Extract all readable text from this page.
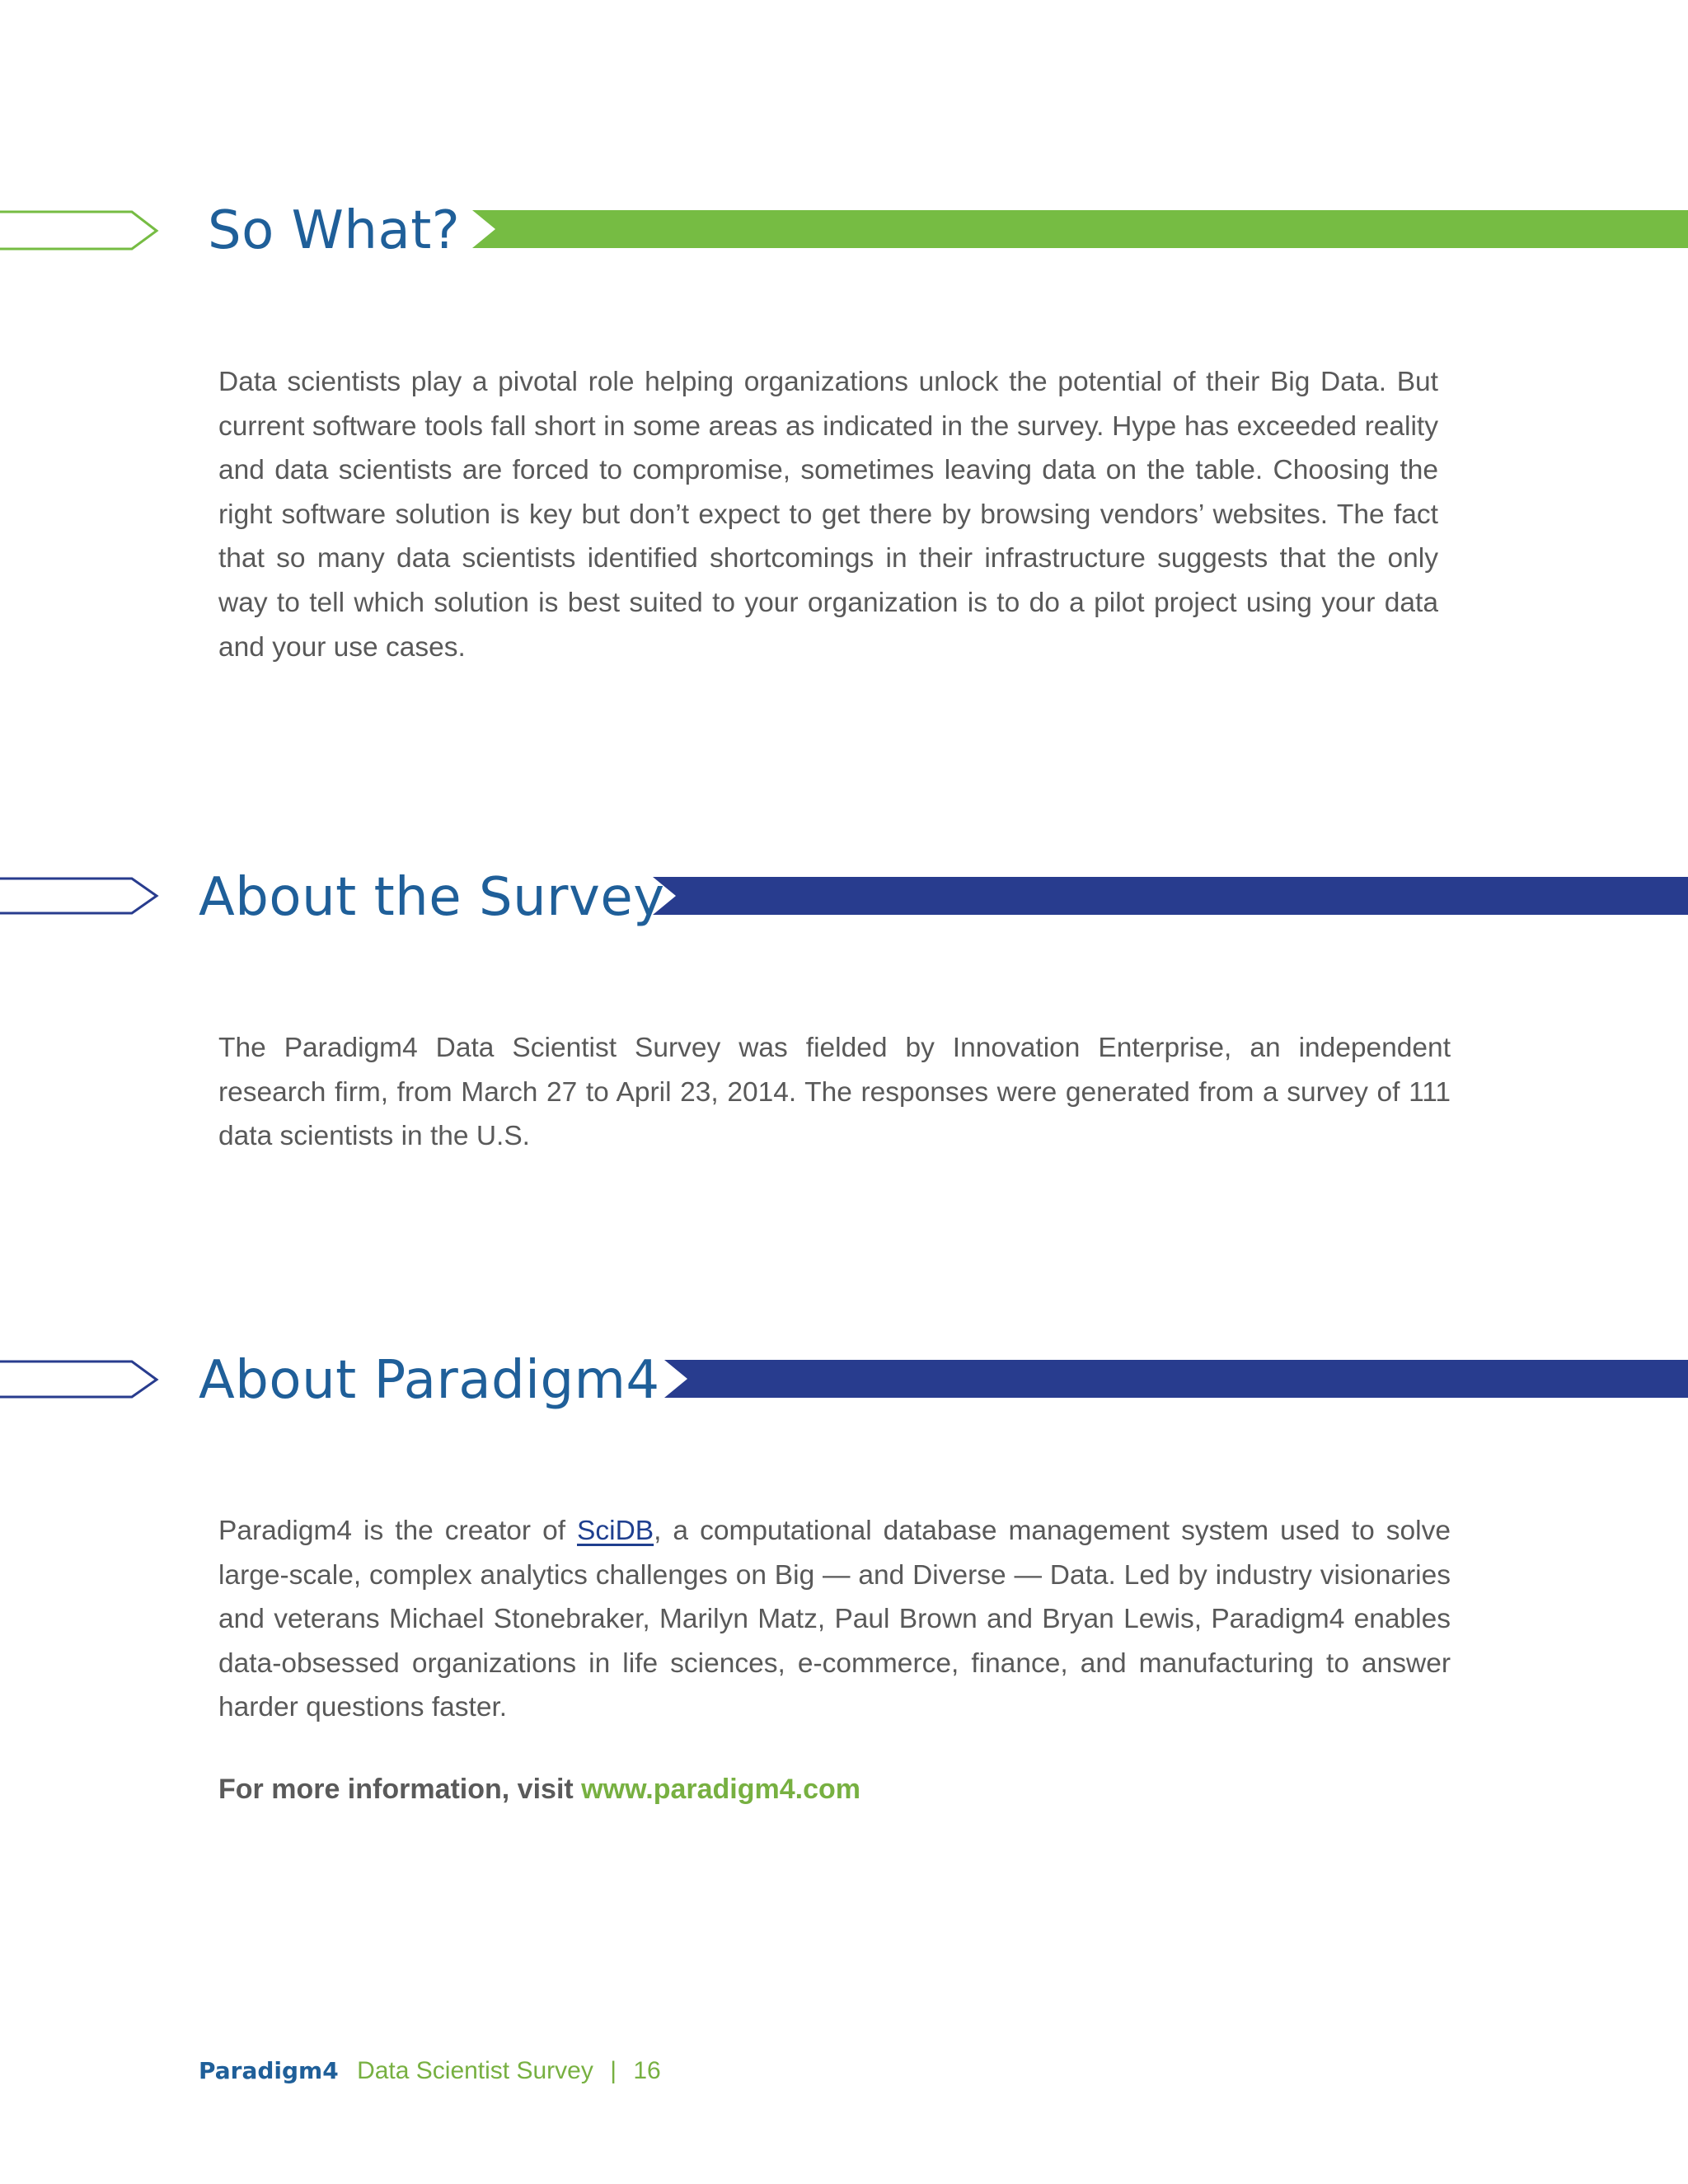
So What?

Data scientists play a pivotal role helping organizations unlock the potential of their Big Data. But current software tools fall short in some areas as indicated in the survey. Hype has exceeded reality and data scientists are forced to compromise, sometimes leaving data on the table. Choosing the right software solution is key but don’t expect to get there by browsing vendors’ websites. The fact that so many data scientists identified shortcomings in their infrastructure suggests that the only way to tell which solution is best suited to your organization is to do a pilot project using your data and your use cases.

About the Survey

The Paradigm4 Data Scientist Survey was fielded by Innovation Enterprise, an independent research firm, from March 27 to April 23, 2014. The responses were generated from a survey of 111 data scientists in the U.S.

About Paradigm4

Paradigm4 is the creator of SciDB, a computational database management system used to solve large-scale, complex analytics challenges on Big — and Diverse — Data. Led by industry visionaries and veterans Michael Stonebraker, Marilyn Matz, Paul Brown and Bryan Lewis, Paradigm4 enables data-obsessed organizations in life sciences, e-commerce, finance, and manufacturing to answer harder questions faster.

For more information, visit www.paradigm4.com

Paradigm4 Data Scientist Survey | 16
